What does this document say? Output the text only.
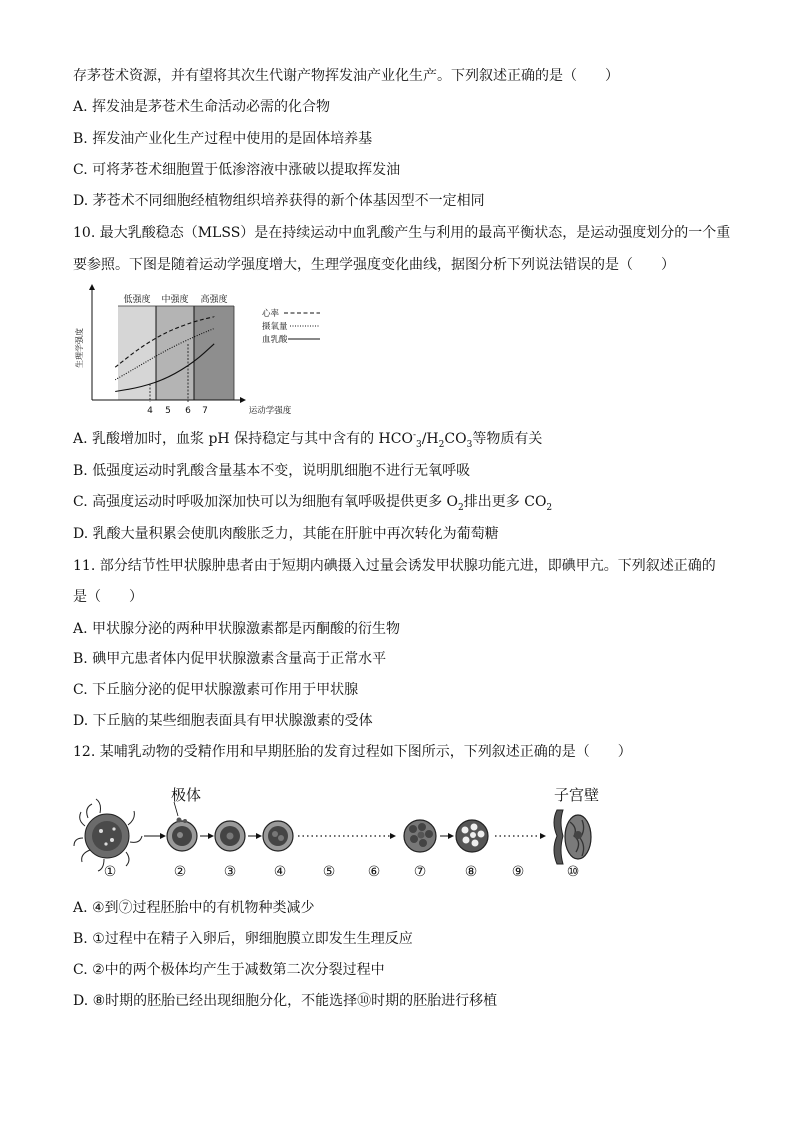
存茅苍术资源，并有望将其次生代谢产物挥发油产业化生产。下列叙述正确的是（　　）
A. 挥发油是茅苍术生命活动必需的化合物
B. 挥发油产业化生产过程中使用的是固体培养基
C. 可将茅苍术细胞置于低渗溶液中涨破以提取挥发油
D. 茅苍术不同细胞经植物组织培养获得的新个体基因型不一定相同
10. 最大乳酸稳态（MLSS）是在持续运动中血乳酸产生与利用的最高平衡状态，是运动强度划分的一个重
要参照。下图是随着运动学强度增大，生理学强度变化曲线，据图分析下列说法错误的是（　　）
低强度 中强度 高强度
生理学强度
运动学强度
4 5 6 7
心率
摄氧量
血乳酸
A. 乳酸增加时，血浆 pH 保持稳定与其中含有的 $HCO^-_3/H_2CO_3$等物质有关
B. 低强度运动时乳酸含量基本不变，说明肌细胞不进行无氧呼吸
C. 高强度运动时呼吸加深加快可以为细胞有氧呼吸提供更多 $O_2$排出更多 $CO_2$
D. 乳酸大量积累会使肌肉酸胀乏力，其能在肝脏中再次转化为葡萄糖
11. 部分结节性甲状腺肿患者由于短期内碘摄入过量会诱发甲状腺功能亢进，即碘甲亢。下列叙述正确的
是（　　）
A. 甲状腺分泌的两种甲状腺激素都是丙酮酸的衍生物
B. 碘甲亢患者体内促甲状腺激素含量高于正常水平
C. 下丘脑分泌的促甲状腺激素可作用于甲状腺
D. 下丘脑的某些细胞表面具有甲状腺激素的受体
12. 某哺乳动物的受精作用和早期胚胎的发育过程如下图所示，下列叙述正确的是（　　）
极体	子宫壁
①	②	③	④	⑤ ⑥ ⑦	⑧ ⑨	⑩
A. ④到⑦过程胚胎中的有机物种类减少
B. ①过程中在精子入卵后，卵细胞膜立即发生生理反应
C. ②中的两个极体均产生于减数第二次分裂过程中
D. ⑧时期的胚胎已经出现细胞分化，不能选择⑩时期的胚胎进行移植
